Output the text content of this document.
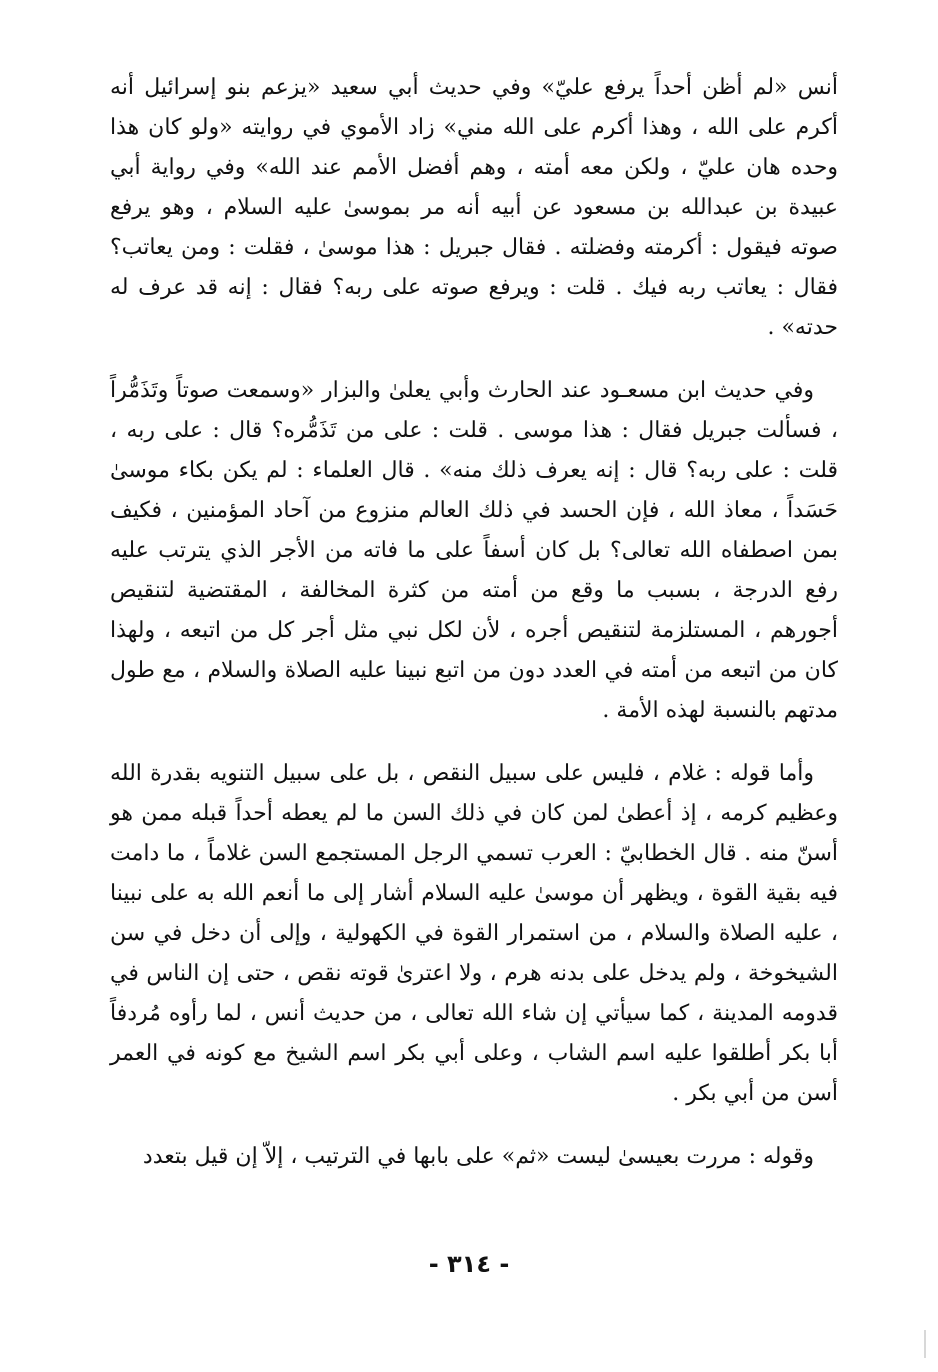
أنس «لم أظن أحداً يرفع عليّ» وفي حديث أبي سعيد «يزعم بنو إسرائيل أنه أكرم على الله ، وهذا أكرم على الله مني» زاد الأموي في روايته «ولو كان هذا وحده هان عليّ ، ولكن معه أمته ، وهم أفضل الأمم عند الله» وفي رواية أبي عبيدة بن عبدالله بن مسعود عن أبيه أنه مر بموسىٰ عليه السلام ، وهو يرفع صوته فيقول : أكرمته وفضلته . فقال جبريل : هذا موسىٰ ، فقلت : ومن يعاتب؟ فقال : يعاتب ربه فيك . قلت : ويرفع صوته على ربه؟ فقال : إنه قد عرف له حدته» .

وفي حديث ابن مسعـود عند الحارث وأبي يعلىٰ والبزار «وسمعت صوتاً وتَذَمُّراً ، فسألت جبريل فقال : هذا موسى . قلت : على من تَذَمُّره؟ قال : على ربه ، قلت : على ربه؟ قال : إنه يعرف ذلك منه» . قال العلماء : لم يكن بكاء موسىٰ حَسَداً ، معاذ الله ، فإن الحسد في ذلك العالم منزوع من آحاد المؤمنين ، فكيف بمن اصطفاه الله تعالى؟ بل كان أسفاً على ما فاته من الأجر الذي يترتب عليه رفع الدرجة ، بسبب ما وقع من أمته من كثرة المخالفة ، المقتضية لتنقيص أجورهم ، المستلزمة لتنقيص أجره ، لأن لكل نبي مثل أجر كل من اتبعه ، ولهذا كان من اتبعه من أمته في العدد دون من اتبع نبينا عليه الصلاة والسلام ، مع طول مدتهم بالنسبة لهذه الأمة .

وأما قوله : غلام ، فليس على سبيل النقص ، بل على سبيل التنويه بقدرة الله وعظيم كرمه ، إذ أعطىٰ لمن كان في ذلك السن ما لم يعطه أحداً قبله ممن هو أسنّ منه . قال الخطابيّ : العرب تسمي الرجل المستجمع السن غلاماً ، ما دامت فيه بقية القوة ، ويظهر أن موسىٰ عليه السلام أشار إلى ما أنعم الله به على نبينا ، عليه الصلاة والسلام ، من استمرار القوة في الكهولية ، وإلى أن دخل في سن الشيخوخة ، ولم يدخل على بدنه هرم ، ولا اعترىٰ قوته نقص ، حتى إن الناس في قدومه المدينة ، كما سيأتي إن شاء الله تعالى ، من حديث أنس ، لما رأوه مُردفاً أبا بكر أطلقوا عليه اسم الشاب ، وعلى أبي بكر اسم الشيخ مع كونه في العمر أسن من أبي بكر .

وقوله : مررت بعيسىٰ ليست «ثم» على بابها في الترتيب ، إلاّ إن قيل بتعدد

- ٣١٤ -
